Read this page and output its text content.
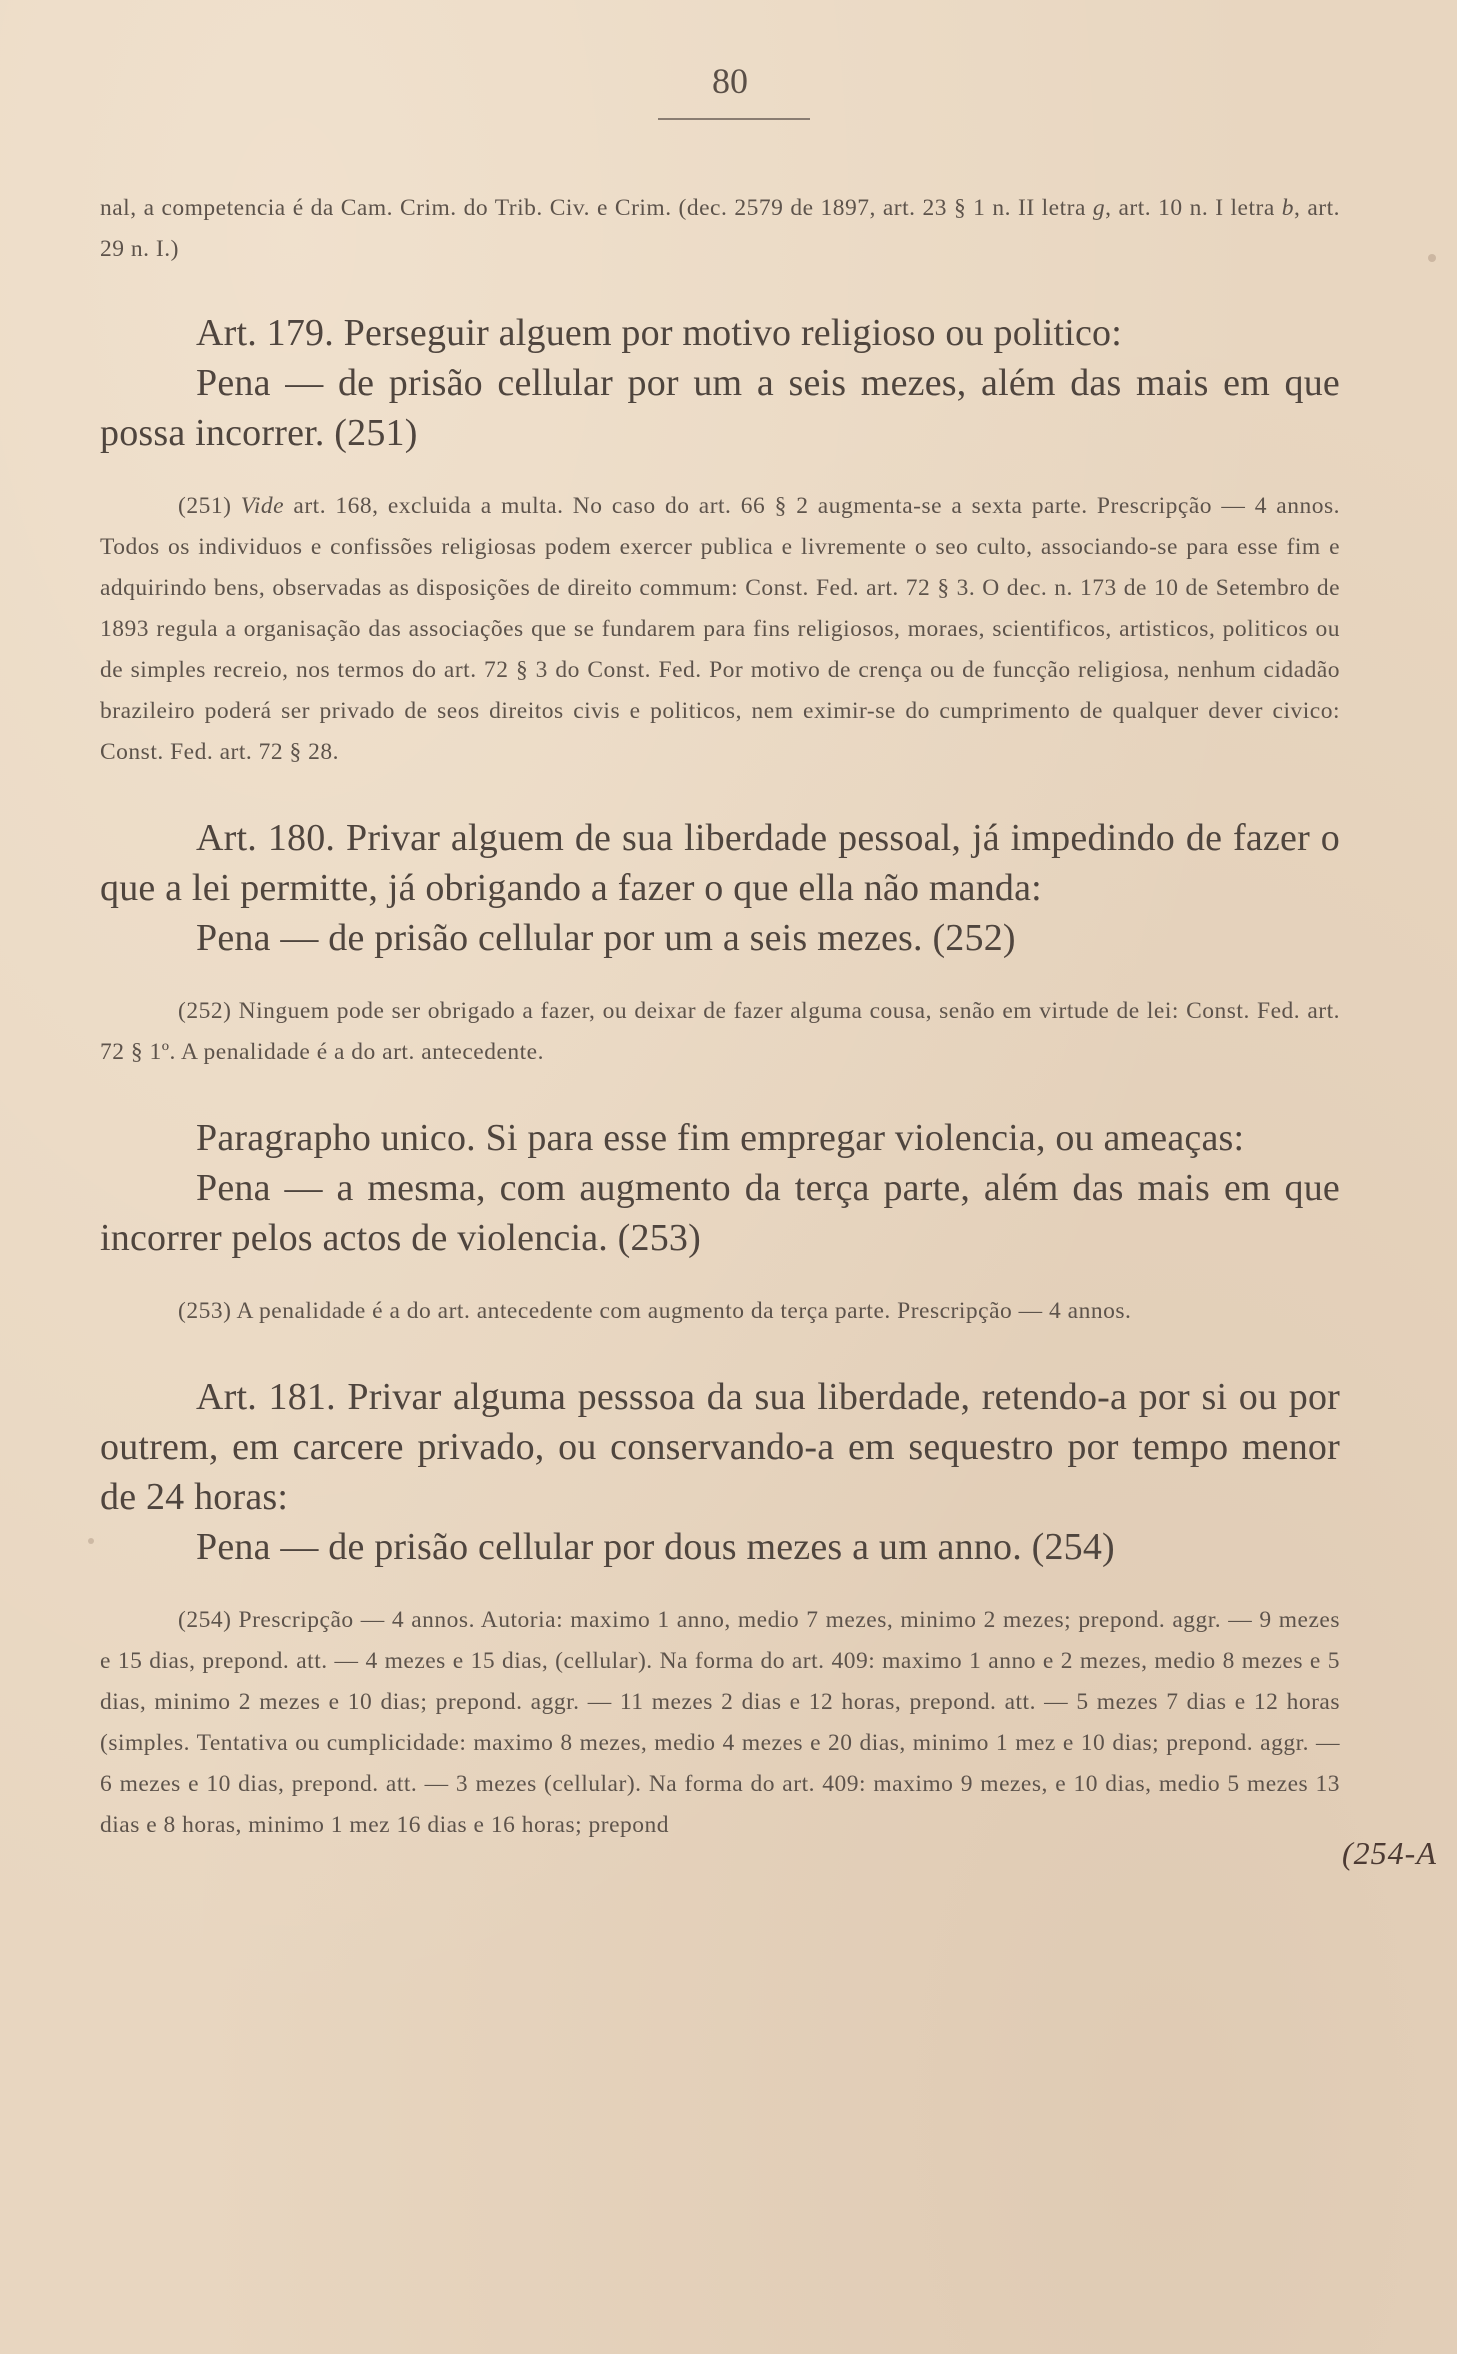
80

nal, a competencia é da Cam. Crim. do Trib. Civ. e Crim. (dec. 2579 de 1897, art. 23 § 1 n. II letra g, art. 10 n. I letra b, art. 29 n. I.)

Art. 179. Perseguir alguem por motivo religioso ou politico:

Pena — de prisão cellular por um a seis mezes, além das mais em que possa incorrer. (251)

(251) Vide art. 168, excluida a multa. No caso do art. 66 § 2 augmenta-se a sexta parte. Prescripção — 4 annos. Todos os individuos e confissões religiosas podem exercer publica e livremente o seo culto, associando-se para esse fim e adquirindo bens, observadas as disposições de direito commum: Const. Fed. art. 72 § 3. O dec. n. 173 de 10 de Setembro de 1893 regula a organisação das associações que se fundarem para fins religiosos, moraes, scientificos, artisticos, politicos ou de simples recreio, nos termos do art. 72 § 3 do Const. Fed. Por motivo de crença ou de funcção religiosa, nenhum cidadão brazileiro poderá ser privado de seos direitos civis e politicos, nem eximir-se do cumprimento de qualquer dever civico: Const. Fed. art. 72 § 28.

Art. 180. Privar alguem de sua liberdade pessoal, já impedindo de fazer o que a lei permitte, já obrigando a fazer o que ella não manda:

Pena — de prisão cellular por um a seis mezes. (252)

(252) Ninguem pode ser obrigado a fazer, ou deixar de fazer alguma cousa, senão em virtude de lei: Const. Fed. art. 72 § 1º. A penalidade é a do art. antecedente.

Paragrapho unico. Si para esse fim empregar violencia, ou ameaças:

Pena — a mesma, com augmento da terça parte, além das mais em que incorrer pelos actos de violencia. (253)

(253) A penalidade é a do art. antecedente com augmento da terça parte. Prescripção — 4 annos.

Art. 181. Privar alguma pesssoa da sua liberdade, retendo-a por si ou por outrem, em carcere privado, ou conservando-a em sequestro por tempo menor de 24 horas:

Pena — de prisão cellular por dous mezes a um anno. (254)

(254) Prescripção — 4 annos. Autoria: maximo 1 anno, medio 7 mezes, minimo 2 mezes; prepond. aggr. — 9 mezes e 15 dias, prepond. att. — 4 mezes e 15 dias, (cellular). Na forma do art. 409: maximo 1 anno e 2 mezes, medio 8 mezes e 5 dias, minimo 2 mezes e 10 dias; prepond. aggr. — 11 mezes 2 dias e 12 horas, prepond. att. — 5 mezes 7 dias e 12 horas (simples. Tentativa ou cumplicidade: maximo 8 mezes, medio 4 mezes e 20 dias, minimo 1 mez e 10 dias; prepond. aggr. — 6 mezes e 10 dias, prepond. att. — 3 mezes (cellular). Na forma do art. 409: maximo 9 mezes, e 10 dias, medio 5 mezes 13 dias e 8 horas, minimo 1 mez 16 dias e 16 horas; prepond

(254-A
